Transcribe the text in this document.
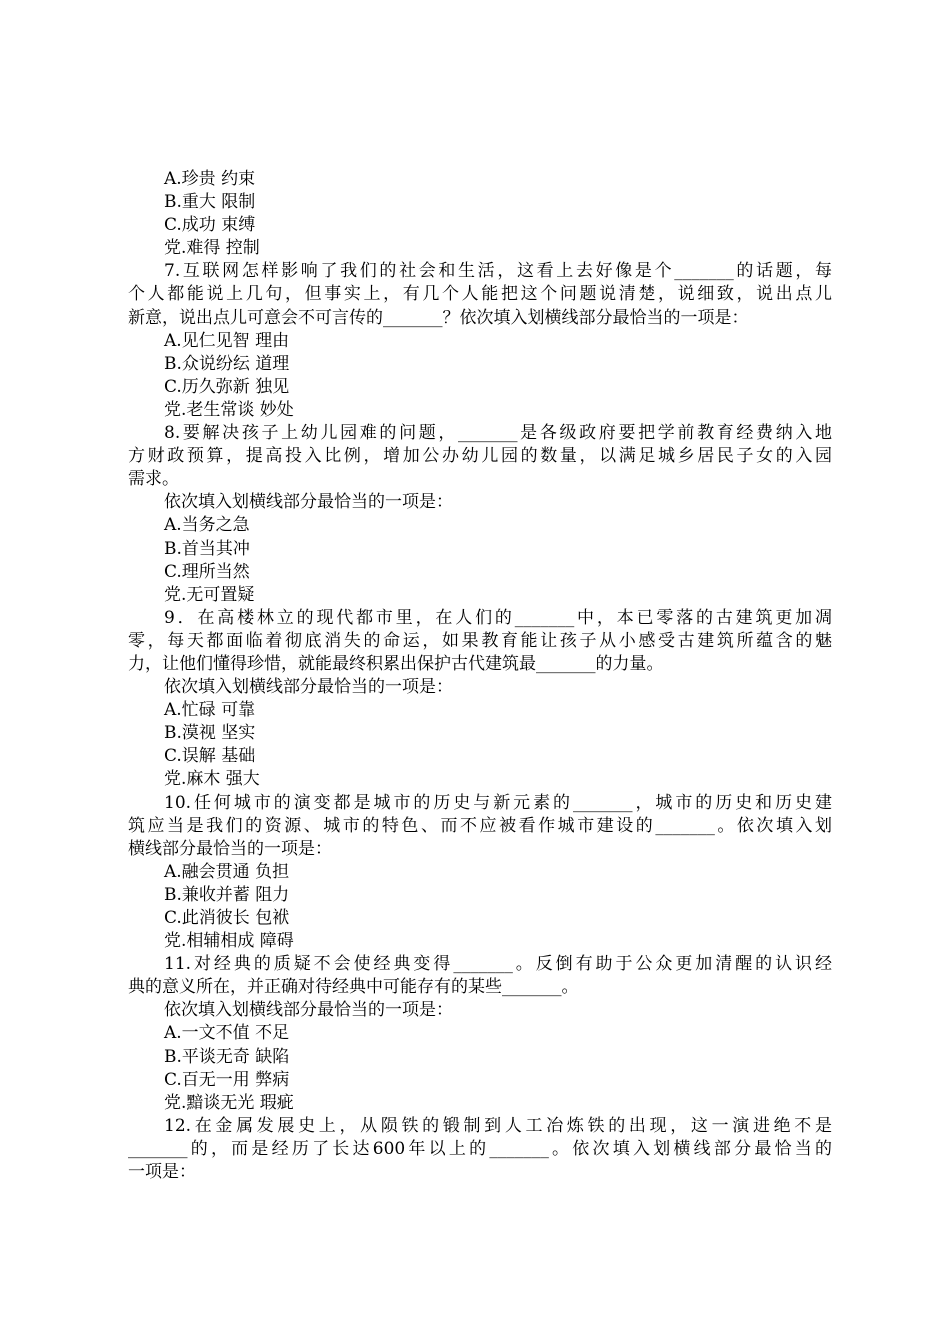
A.珍贵 约束
B.重大 限制
C.成功 束缚
党.难得 控制
7.互联网怎样影响了我们的社会和生活，这看上去好像是个_______的话题，每
个人都能说上几句，但事实上，有几个人能把这个问题说清楚，说细致，说出点儿
新意，说出点儿可意会不可言传的_______？依次填入划横线部分最恰当的一项是：
A.见仁见智 理由
B.众说纷纭 道理
C.历久弥新 独见
党.老生常谈 妙处
8.要解决孩子上幼儿园难的问题，_______是各级政府要把学前教育经费纳入地
方财政预算，提高投入比例，增加公办幼儿园的数量，以满足城乡居民子女的入园
需求。
依次填入划横线部分最恰当的一项是：
A.当务之急
B.首当其冲
C.理所当然
党.无可置疑
9．在高楼林立的现代都市里，在人们的_______中，本已零落的古建筑更加凋
零，每天都面临着彻底消失的命运，如果教育能让孩子从小感受古建筑所蕴含的魅
力，让他们懂得珍惜，就能最终积累出保护古代建筑最_______的力量。
依次填入划横线部分最恰当的一项是：
A.忙碌 可靠
B.漠视 坚实
C.误解 基础
党.麻木 强大
10.任何城市的演变都是城市的历史与新元素的_______，城市的历史和历史建
筑应当是我们的资源、城市的特色、而不应被看作城市建设的_______。依次填入划
横线部分最恰当的一项是：
A.融会贯通 负担
B.兼收并蓄 阻力
C.此消彼长 包袱
党.相辅相成 障碍
11.对经典的质疑不会使经典变得_______。反倒有助于公众更加清醒的认识经
典的意义所在，并正确对待经典中可能存有的某些_______。
依次填入划横线部分最恰当的一项是：
A.一文不值 不足
B.平谈无奇 缺陷
C.百无一用 弊病
党.黯谈无光 瑕疵
12.在金属发展史上，从陨铁的锻制到人工冶炼铁的出现，这一演进绝不是
_______的，而是经历了长达600年以上的_______。依次填入划横线部分最恰当的
一项是：
